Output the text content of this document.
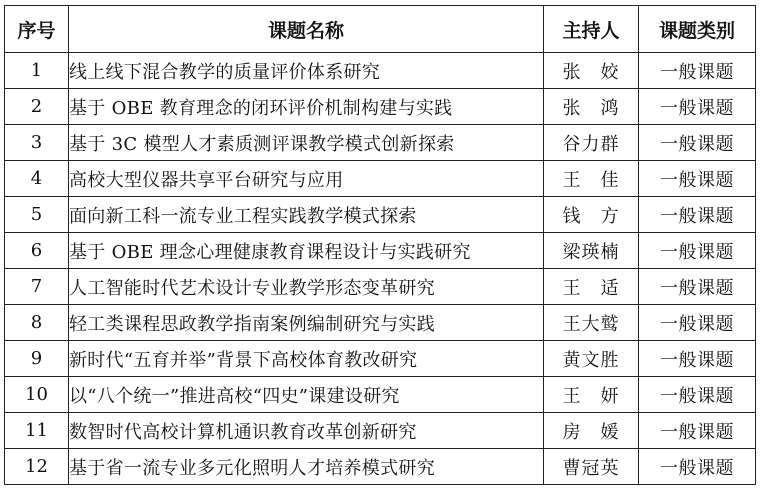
序号	课题名称	主持人	课题类别
1	线上线下混合教学的质量评价体系研究	张　姣	一般课题
2	基于 OBE 教育理念的闭环评价机制构建与实践	张　鸿	一般课题
3	基于 3C 模型人才素质测评课教学模式创新探索	谷力群	一般课题
4	高校大型仪器共享平台研究与应用	王　佳	一般课题
5	面向新工科一流专业工程实践教学模式探索	钱　方	一般课题
6	基于 OBE 理念心理健康教育课程设计与实践研究	梁瑛楠	一般课题
7	人工智能时代艺术设计专业教学形态变革研究	王　适	一般课题
8	轻工类课程思政教学指南案例编制研究与实践	王大鹫	一般课题
9	新时代“五育并举”背景下高校体育教改研究	黄文胜	一般课题
10	以“八个统一”推进高校“四史”课建设研究	王　妍	一般课题
11	数智时代高校计算机通识教育改革创新研究	房　媛	一般课题
12	基于省一流专业多元化照明人才培养模式研究	曹冠英	一般课题
